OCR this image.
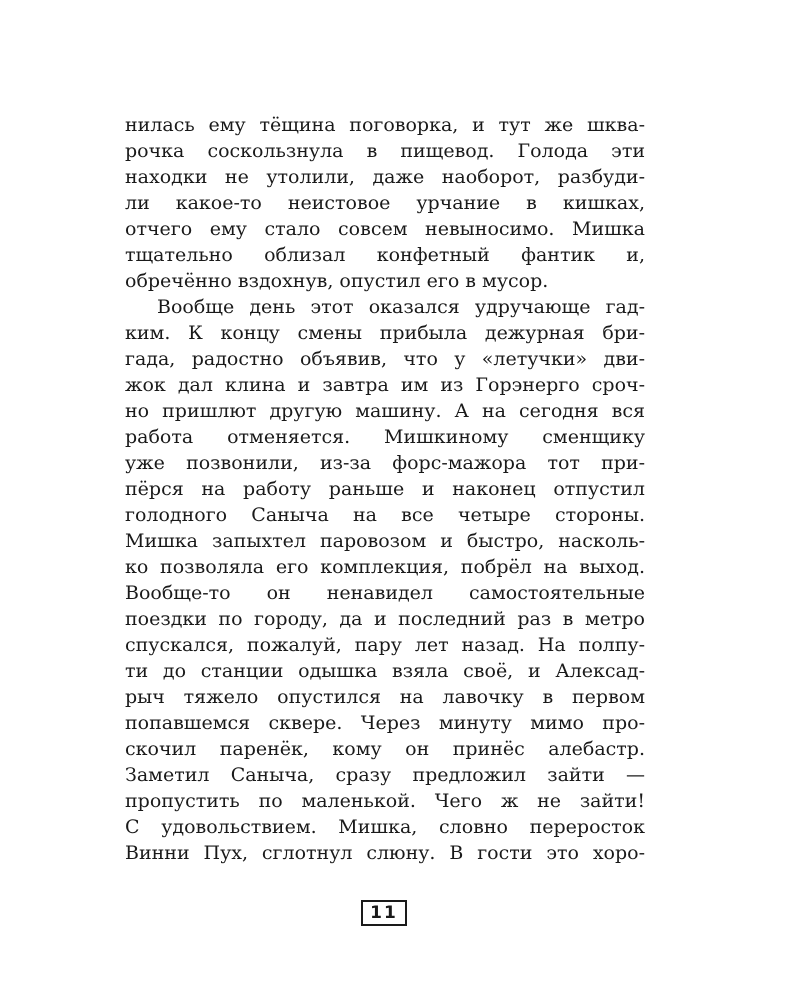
нилась ему тёщина поговорка, и тут же шква-
рочка соскользнула в пищевод. Голода эти
находки не утолили, даже наоборот, разбуди-
ли какое-то неистовое урчание в кишках,
отчего ему стало совсем невыносимо. Мишка
тщательно облизал конфетный фантик и,
обречённо вздохнув, опустил его в мусор.
Вообще день этот оказался удручающе гад-
ким. К концу смены прибыла дежурная бри-
гада, радостно объявив, что у «летучки» дви-
жок дал клина и завтра им из Горэнерго сроч-
но пришлют другую машину. А на сегодня вся
работа отменяется. Мишкиному сменщику
уже позвонили, из-за форс-мажора тот при-
пёрся на работу раньше и наконец отпустил
голодного Саныча на все четыре стороны.
Мишка запыхтел паровозом и быстро, насколь-
ко позволяла его комплекция, побрёл на выход.
Вообще-то он ненавидел самостоятельные
поездки по городу, да и последний раз в метро
спускался, пожалуй, пару лет назад. На полпу-
ти до станции одышка взяла своё, и Алексад-
рыч тяжело опустился на лавочку в первом
попавшемся сквере. Через минуту мимо про-
скочил паренёк, кому он принёс алебастр.
Заметил Саныча, сразу предложил зайти —
пропустить по маленькой. Чего ж не зайти!
С удовольствием. Мишка, словно переросток
Винни Пух, сглотнул слюну. В гости это хоро-
11
